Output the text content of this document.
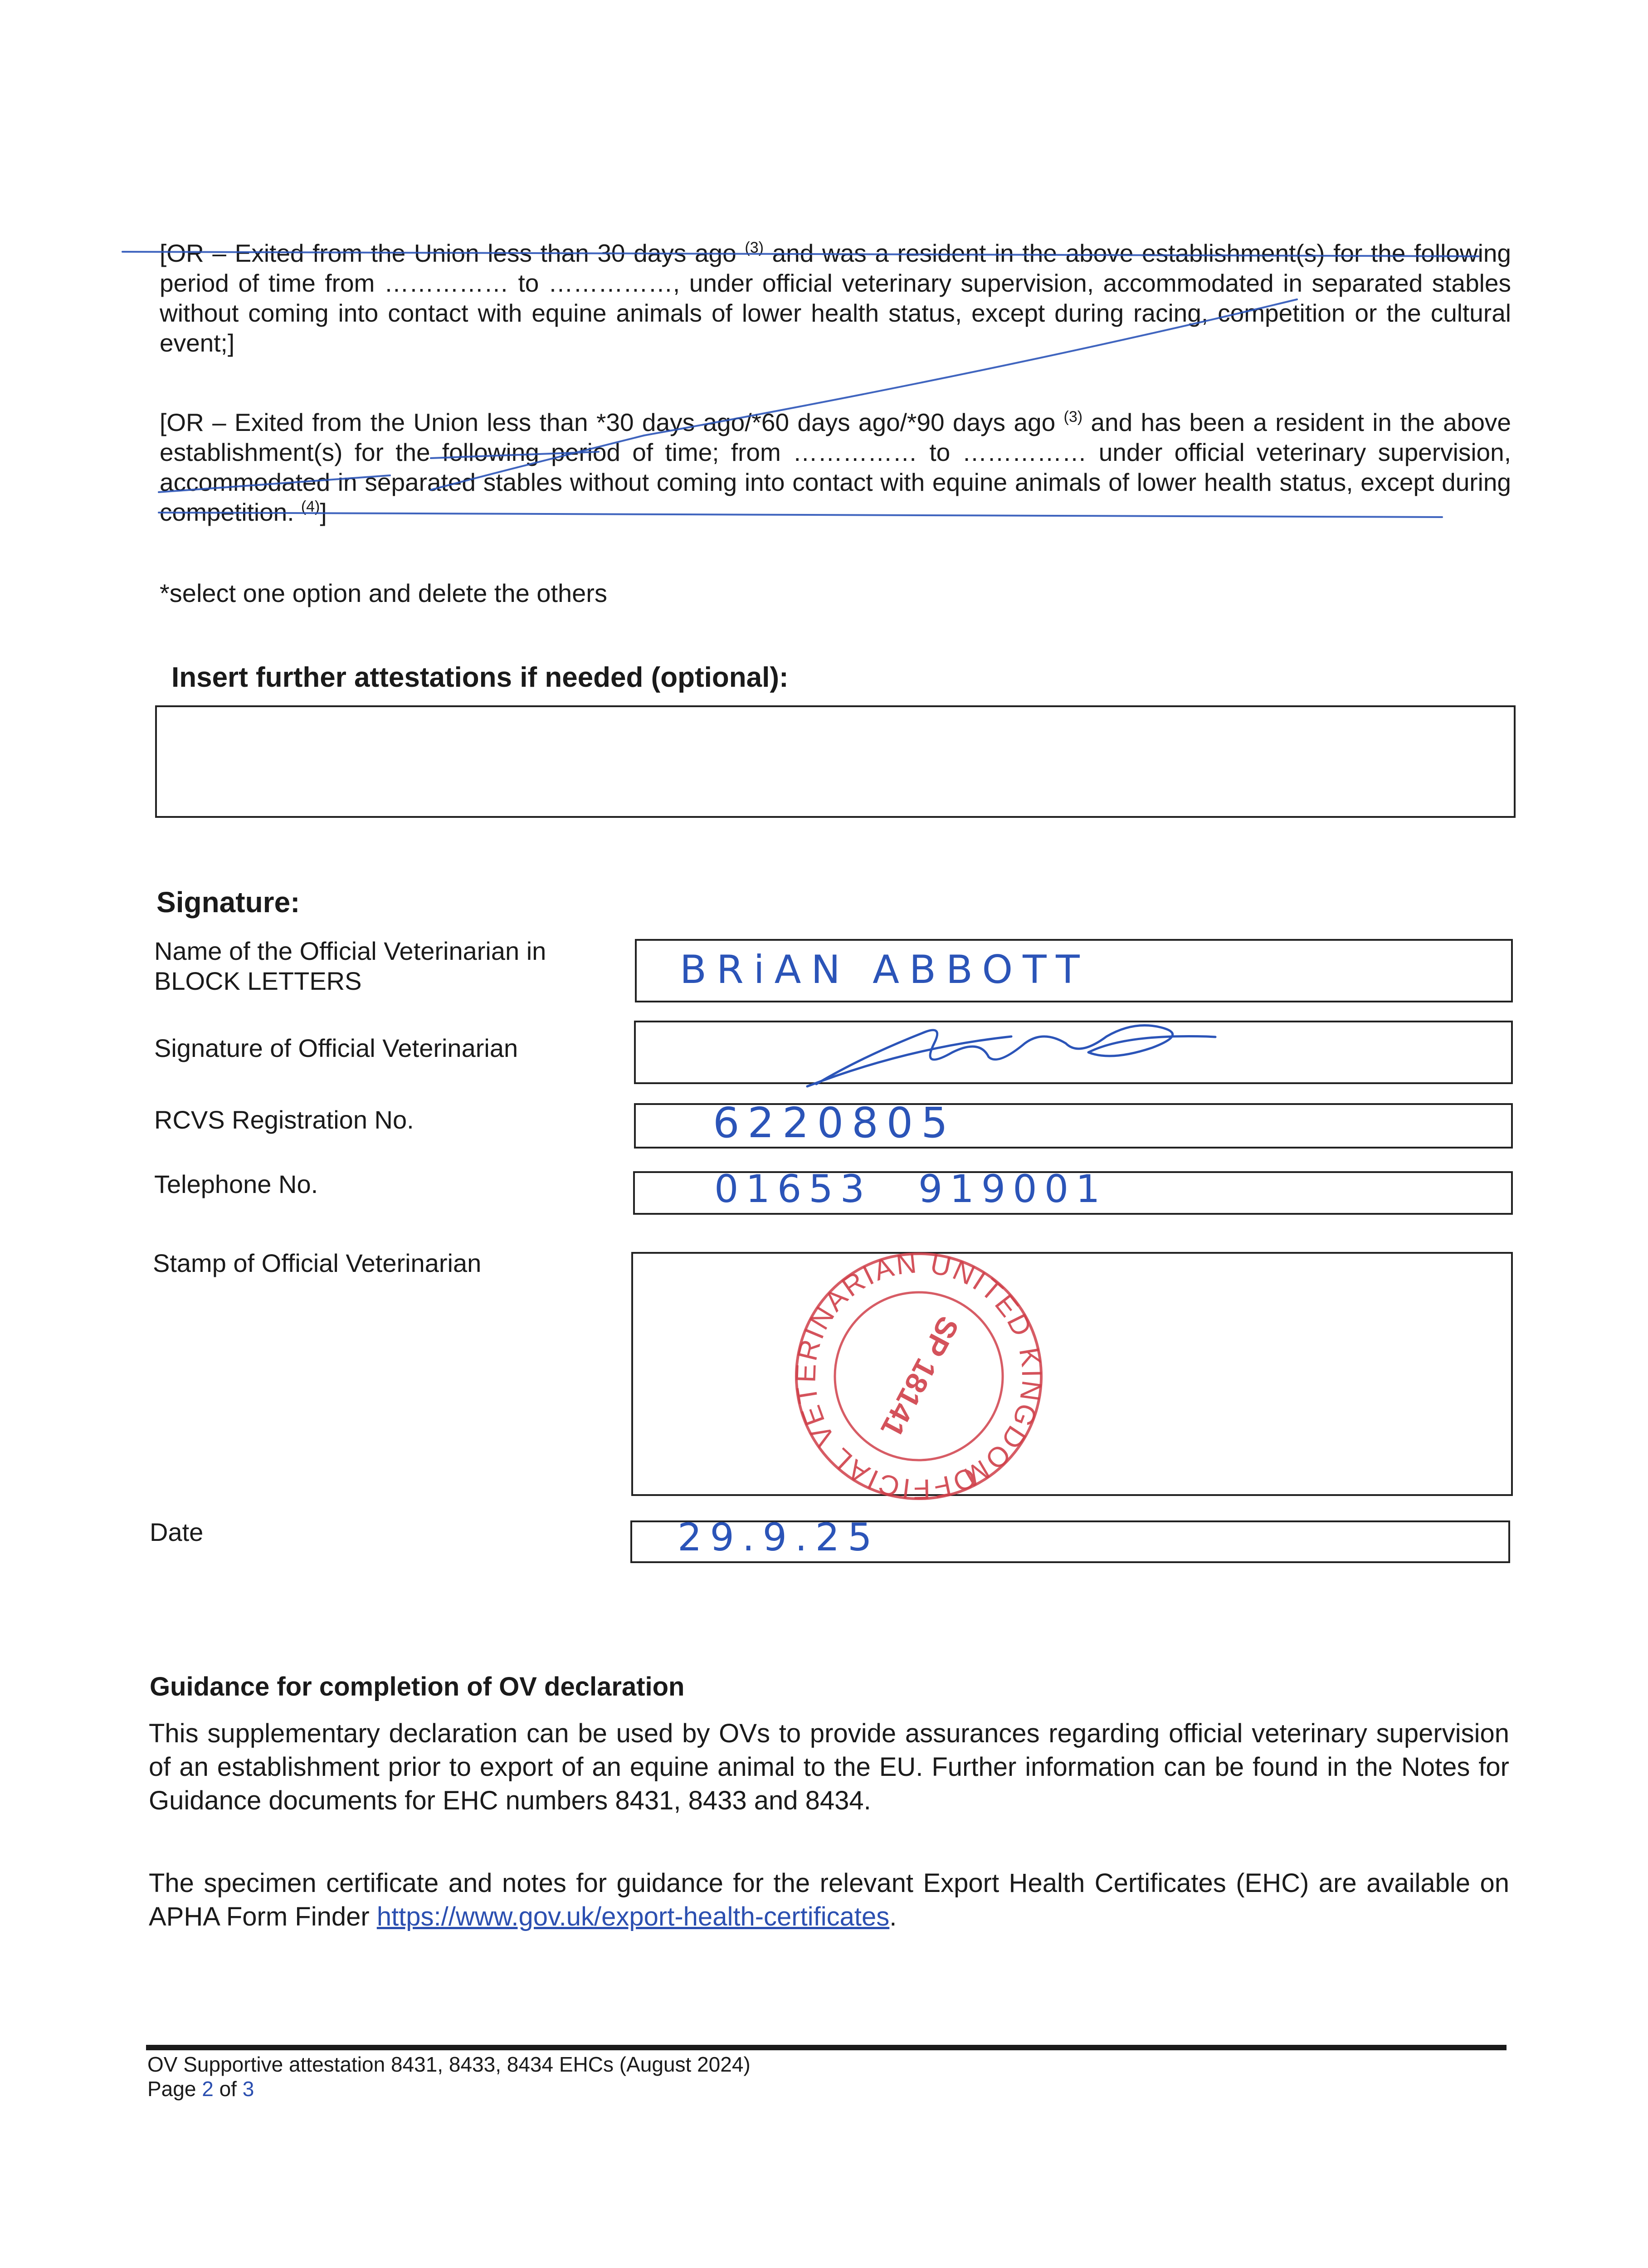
[OR – Exited from the Union less than 30 days ago $^{(3)}$ and was a resident in the above establishment(s) for the following period of time from …………… to ……………, under official veterinary supervision, accommodated in separated stables without coming into contact with equine animals of lower health status, except during racing, competition or the cultural event;]

[OR – Exited from the Union less than *30 days ago/*60 days ago/*90 days ago $^{(3)}$ and has been a resident in the above establishment(s) for the following period of time; from …………… to …………… under official veterinary supervision, accommodated in separated stables without coming into contact with equine animals of lower health status, except during competition. $^{(4)}$]

*select one option and delete the others
Insert further attestations if needed (optional):
Signature:
Name of the Official Veterinarian in BLOCK LETTERS	BRiAN ABBOTT
Signature of Official Veterinarian
RCVS Registration No.	6220805
Telephone No.	01653 919001
Stamp of Official Veterinarian
OFFICIAL VETERINARIAN UNITED KINGDOM
SP 18141
Date	29.9.25
Guidance for completion of OV declaration

This supplementary declaration can be used by OVs to provide assurances regarding official veterinary supervision of an establishment prior to export of an equine animal to the EU. Further information can be found in the Notes for Guidance documents for EHC numbers 8431, 8433 and 8434.

The specimen certificate and notes for guidance for the relevant Export Health Certificates (EHC) are available on APHA Form Finder https://www.gov.uk/export-health-certificates.

OV Supportive attestation 8431, 8433, 8434 EHCs (August 2024)
Page 2 of 3
